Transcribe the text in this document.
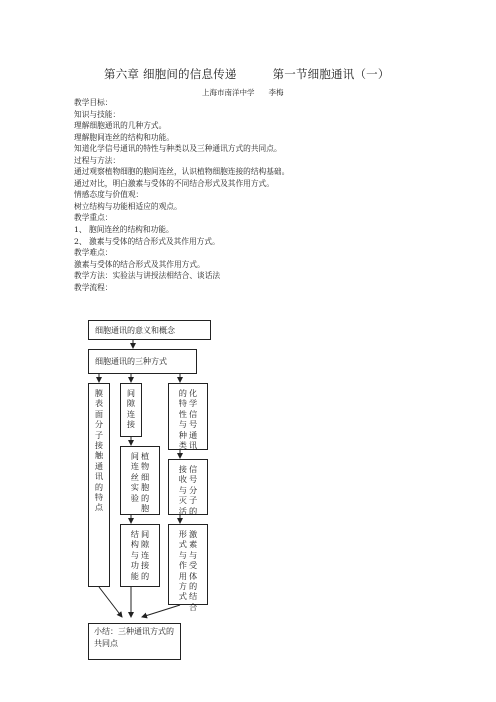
第六章 细胞间的信息传递	第一节细胞通讯（一）
上海市南洋中学 李梅
教学目标：
知识与技能：
理解细胞通讯的几种方式。
理解胞间连丝的结构和功能。
知道化学信号通讯的特性与种类以及三种通讯方式的共同点。
过程与方法：
通过观察植物细胞的胞间连丝，认识植物细胞连接的结构基础。
通过对比，明白激素与受体的不同结合形式及其作用方式。
情感态度与价值观：
树立结构与功能相适应的观点。
教学重点：
1、 胞间连丝的结构和功能。
2、 激素与受体的结合形式及其作用方式。
教学难点：
激素与受体的结合形式及其作用方式。
教学方法：实验法与讲授法相结合、谈话法
教学流程：
细胞通讯的意义和概念
细胞通讯的三种方式
膜
表
面
分
子
接
触
通
讯
的
特
点
间
隙
连
接
化
学
信
号
通
讯
的
特
性
与
种
类
植
物
细
胞
的
胞
间
连
丝
实
验
间
隙
连
接
的
结
构
与
功
能
信
号
分
子
的
接
收
与
灭
活
激
素
与
受
体
的
结
合
形
式
与
作
用
方
式
小结：三种通讯方式的共同点
